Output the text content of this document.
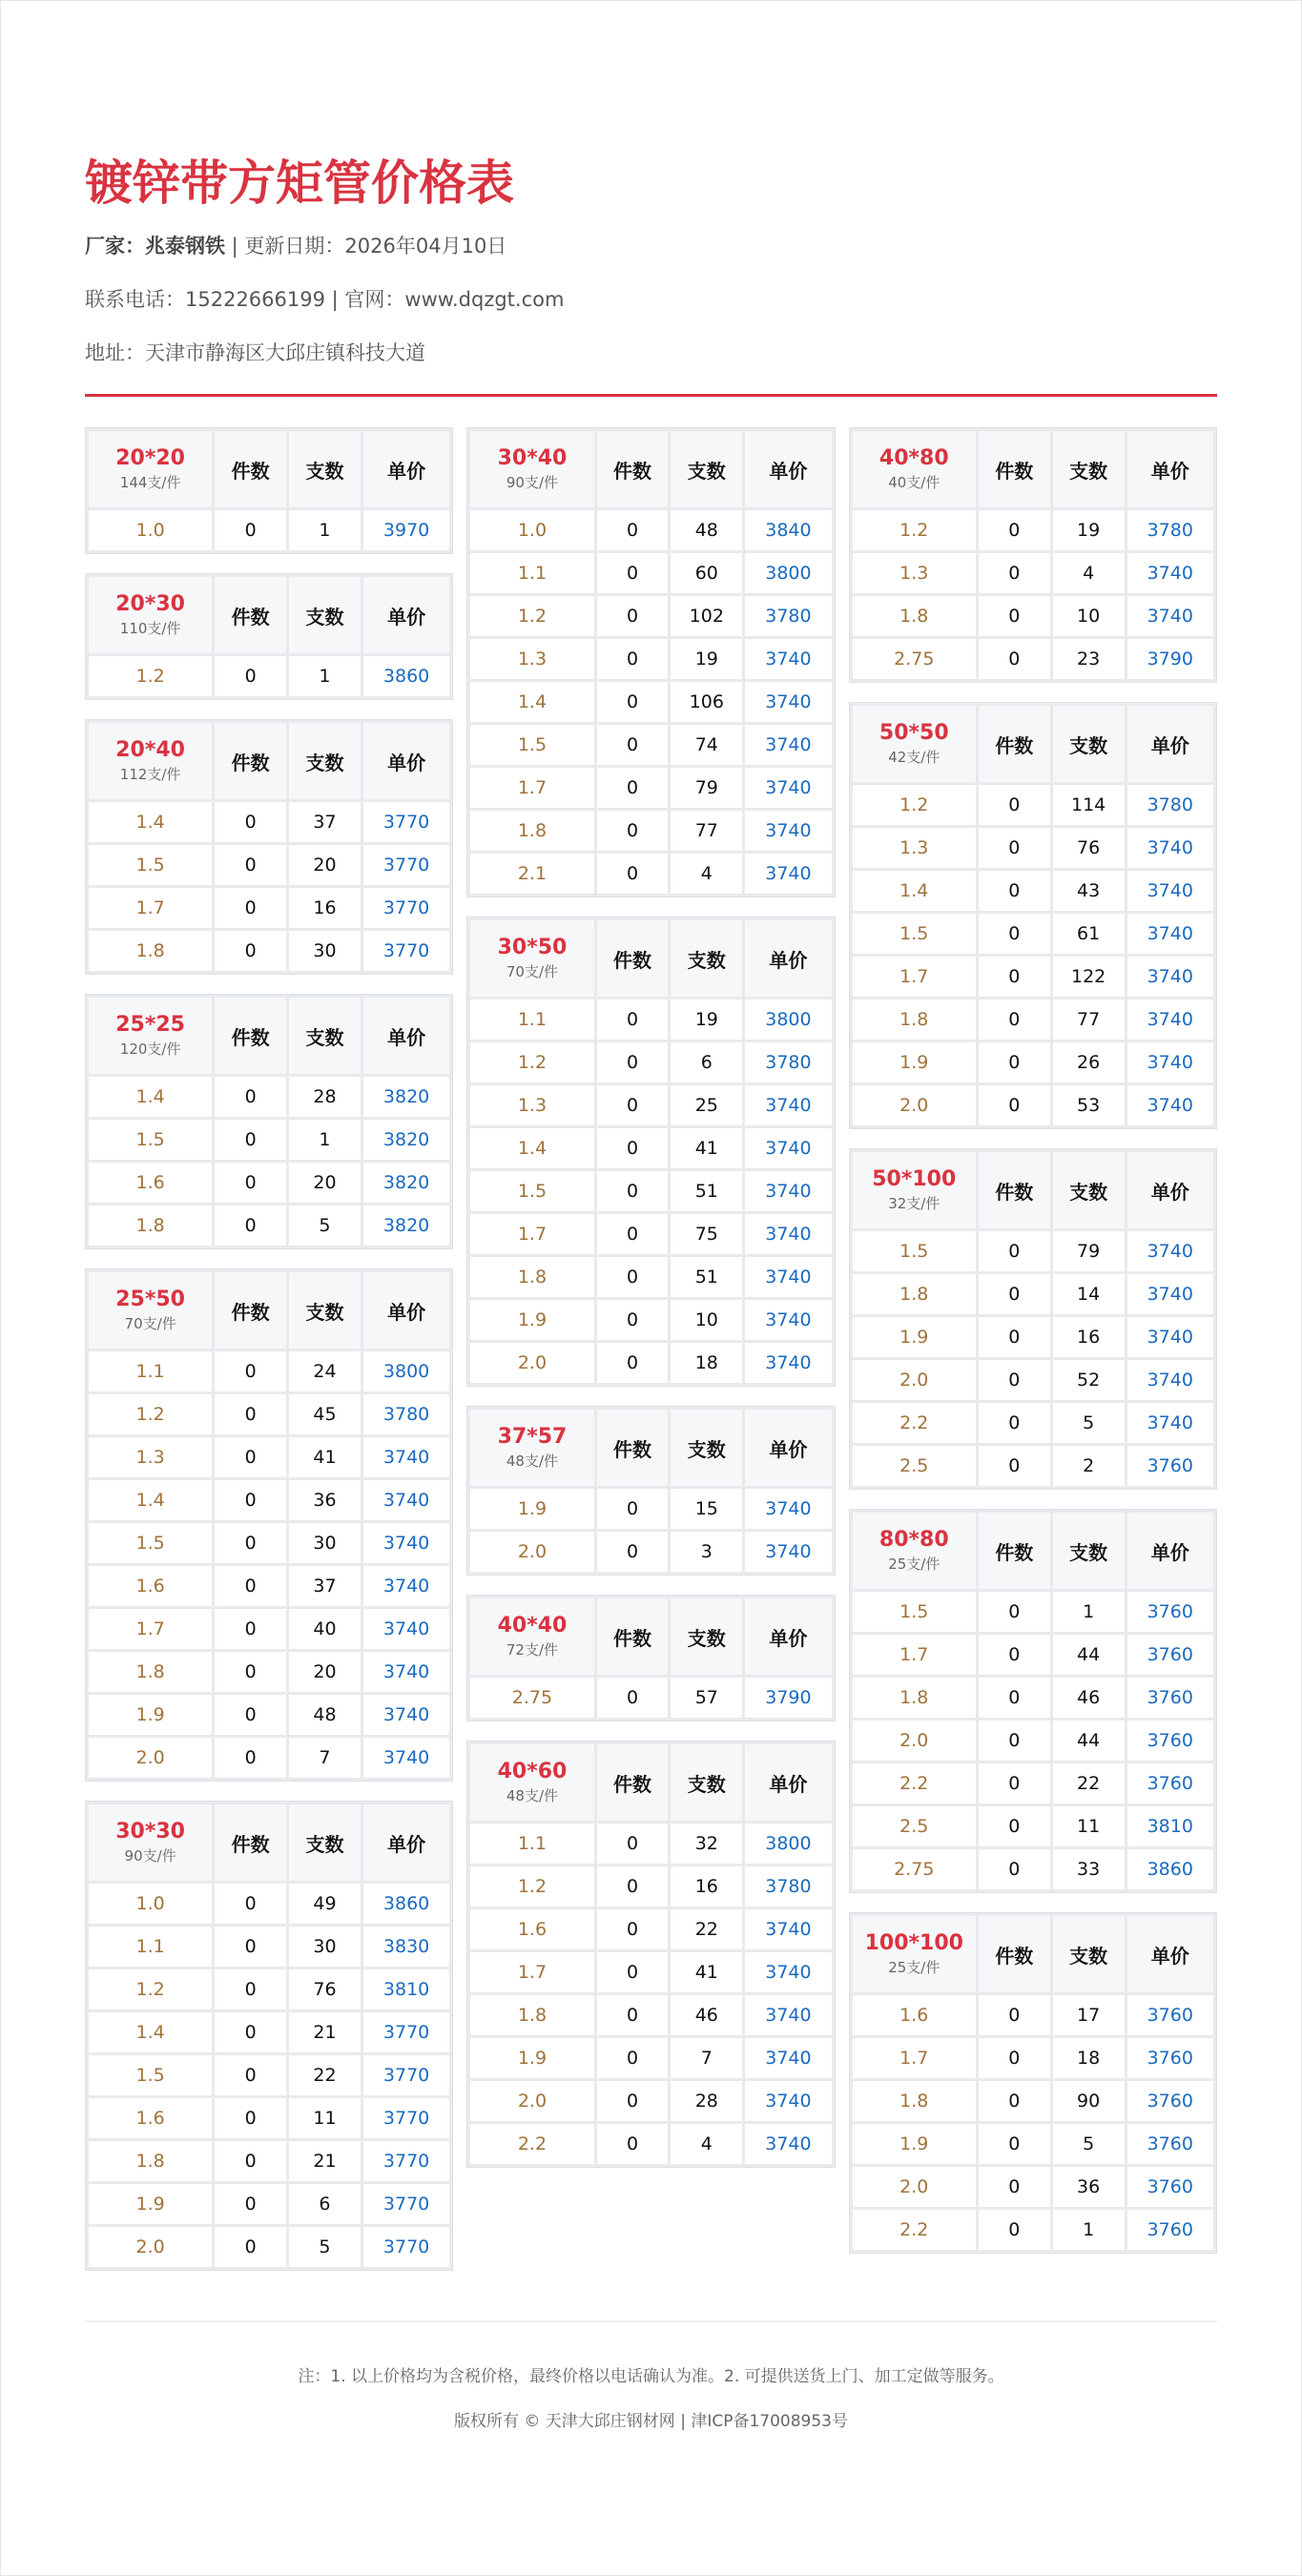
镀锌带方矩管价格表
厂家：兆泰钢铁 | 更新日期：2026年04月10日
联系电话：15222666199 | 官网：www.dqzgt.com
地址：天津市静海区大邱庄镇科技大道
20*20
144支/件	件数	支数	单价
1.0	0	1	3970
20*30
110支/件	件数	支数	单价
1.2	0	1	3860
20*40
112支/件	件数	支数	单价
1.4	0	37	3770
1.5	0	20	3770
1.7	0	16	3770
1.8	0	30	3770
25*25
120支/件	件数	支数	单价
1.4	0	28	3820
1.5	0	1	3820
1.6	0	20	3820
1.8	0	5	3820
25*50
70支/件	件数	支数	单价
1.1	0	24	3800
1.2	0	45	3780
1.3	0	41	3740
1.4	0	36	3740
1.5	0	30	3740
1.6	0	37	3740
1.7	0	40	3740
1.8	0	20	3740
1.9	0	48	3740
2.0	0	7	3740
30*30
90支/件	件数	支数	单价
1.0	0	49	3860
1.1	0	30	3830
1.2	0	76	3810
1.4	0	21	3770
1.5	0	22	3770
1.6	0	11	3770
1.8	0	21	3770
1.9	0	6	3770
2.0	0	5	3770
30*40
90支/件	件数	支数	单价
1.0	0	48	3840
1.1	0	60	3800
1.2	0	102	3780
1.3	0	19	3740
1.4	0	106	3740
1.5	0	74	3740
1.7	0	79	3740
1.8	0	77	3740
2.1	0	4	3740
30*50
70支/件	件数	支数	单价
1.1	0	19	3800
1.2	0	6	3780
1.3	0	25	3740
1.4	0	41	3740
1.5	0	51	3740
1.7	0	75	3740
1.8	0	51	3740
1.9	0	10	3740
2.0	0	18	3740
37*57
48支/件	件数	支数	单价
1.9	0	15	3740
2.0	0	3	3740
40*40
72支/件	件数	支数	单价
2.75	0	57	3790
40*60
48支/件	件数	支数	单价
1.1	0	32	3800
1.2	0	16	3780
1.6	0	22	3740
1.7	0	41	3740
1.8	0	46	3740
1.9	0	7	3740
2.0	0	28	3740
2.2	0	4	3740
40*80
40支/件	件数	支数	单价
1.2	0	19	3780
1.3	0	4	3740
1.8	0	10	3740
2.75	0	23	3790
50*50
42支/件	件数	支数	单价
1.2	0	114	3780
1.3	0	76	3740
1.4	0	43	3740
1.5	0	61	3740
1.7	0	122	3740
1.8	0	77	3740
1.9	0	26	3740
2.0	0	53	3740
50*100
32支/件	件数	支数	单价
1.5	0	79	3740
1.8	0	14	3740
1.9	0	16	3740
2.0	0	52	3740
2.2	0	5	3740
2.5	0	2	3760
80*80
25支/件	件数	支数	单价
1.5	0	1	3760
1.7	0	44	3760
1.8	0	46	3760
2.0	0	44	3760
2.2	0	22	3760
2.5	0	11	3810
2.75	0	33	3860
100*100
25支/件	件数	支数	单价
1.6	0	17	3760
1.7	0	18	3760
1.8	0	90	3760
1.9	0	5	3760
2.0	0	36	3760
2.2	0	1	3760

注：1. 以上价格均为含税价格，最终价格以电话确认为准。2. 可提供送货上门、加工定做等服务。

版权所有 © 天津大邱庄钢材网 | 津ICP备17008953号
